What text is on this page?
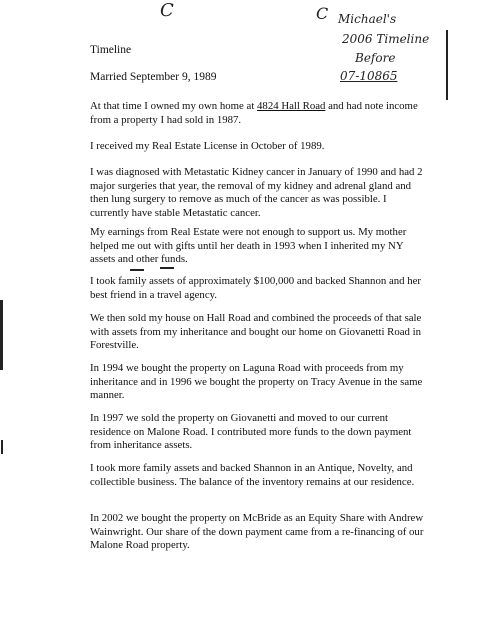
C	C Michael's
2006 Timeline
Before
07-10865
Timeline
Married September 9, 1989

At that time I owned my own home at 4824 Hall Road and had note income from a property I had sold in 1987.

I received my Real Estate License in October of 1989.

I was diagnosed with Metastatic Kidney cancer in January of 1990 and had 2 major surgeries that year, the removal of my kidney and adrenal gland and then lung surgery to remove as much of the cancer as was possible. I currently have stable Metastatic cancer.

My earnings from Real Estate were not enough to support us. My mother helped me out with gifts until her death in 1993 when I inherited my NY assets and other funds.

I took family assets of approximately $100,000 and backed Shannon and her best friend in a travel agency.

We then sold my house on Hall Road and combined the proceeds of that sale with assets from my inheritance and bought our home on Giovanetti Road in Forestville.

In 1994 we bought the property on Laguna Road with proceeds from my inheritance and in 1996 we bought the property on Tracy Avenue in the same manner.

In 1997 we sold the property on Giovanetti and moved to our current residence on Malone Road. I contributed more funds to the down payment from inheritance assets.

I took more family assets and backed Shannon in an Antique, Novelty, and collectible business. The balance of the inventory remains at our residence.

In 2002 we bought the property on McBride as an Equity Share with Andrew Wainwright. Our share of the down payment came from a re-financing of our Malone Road property.
